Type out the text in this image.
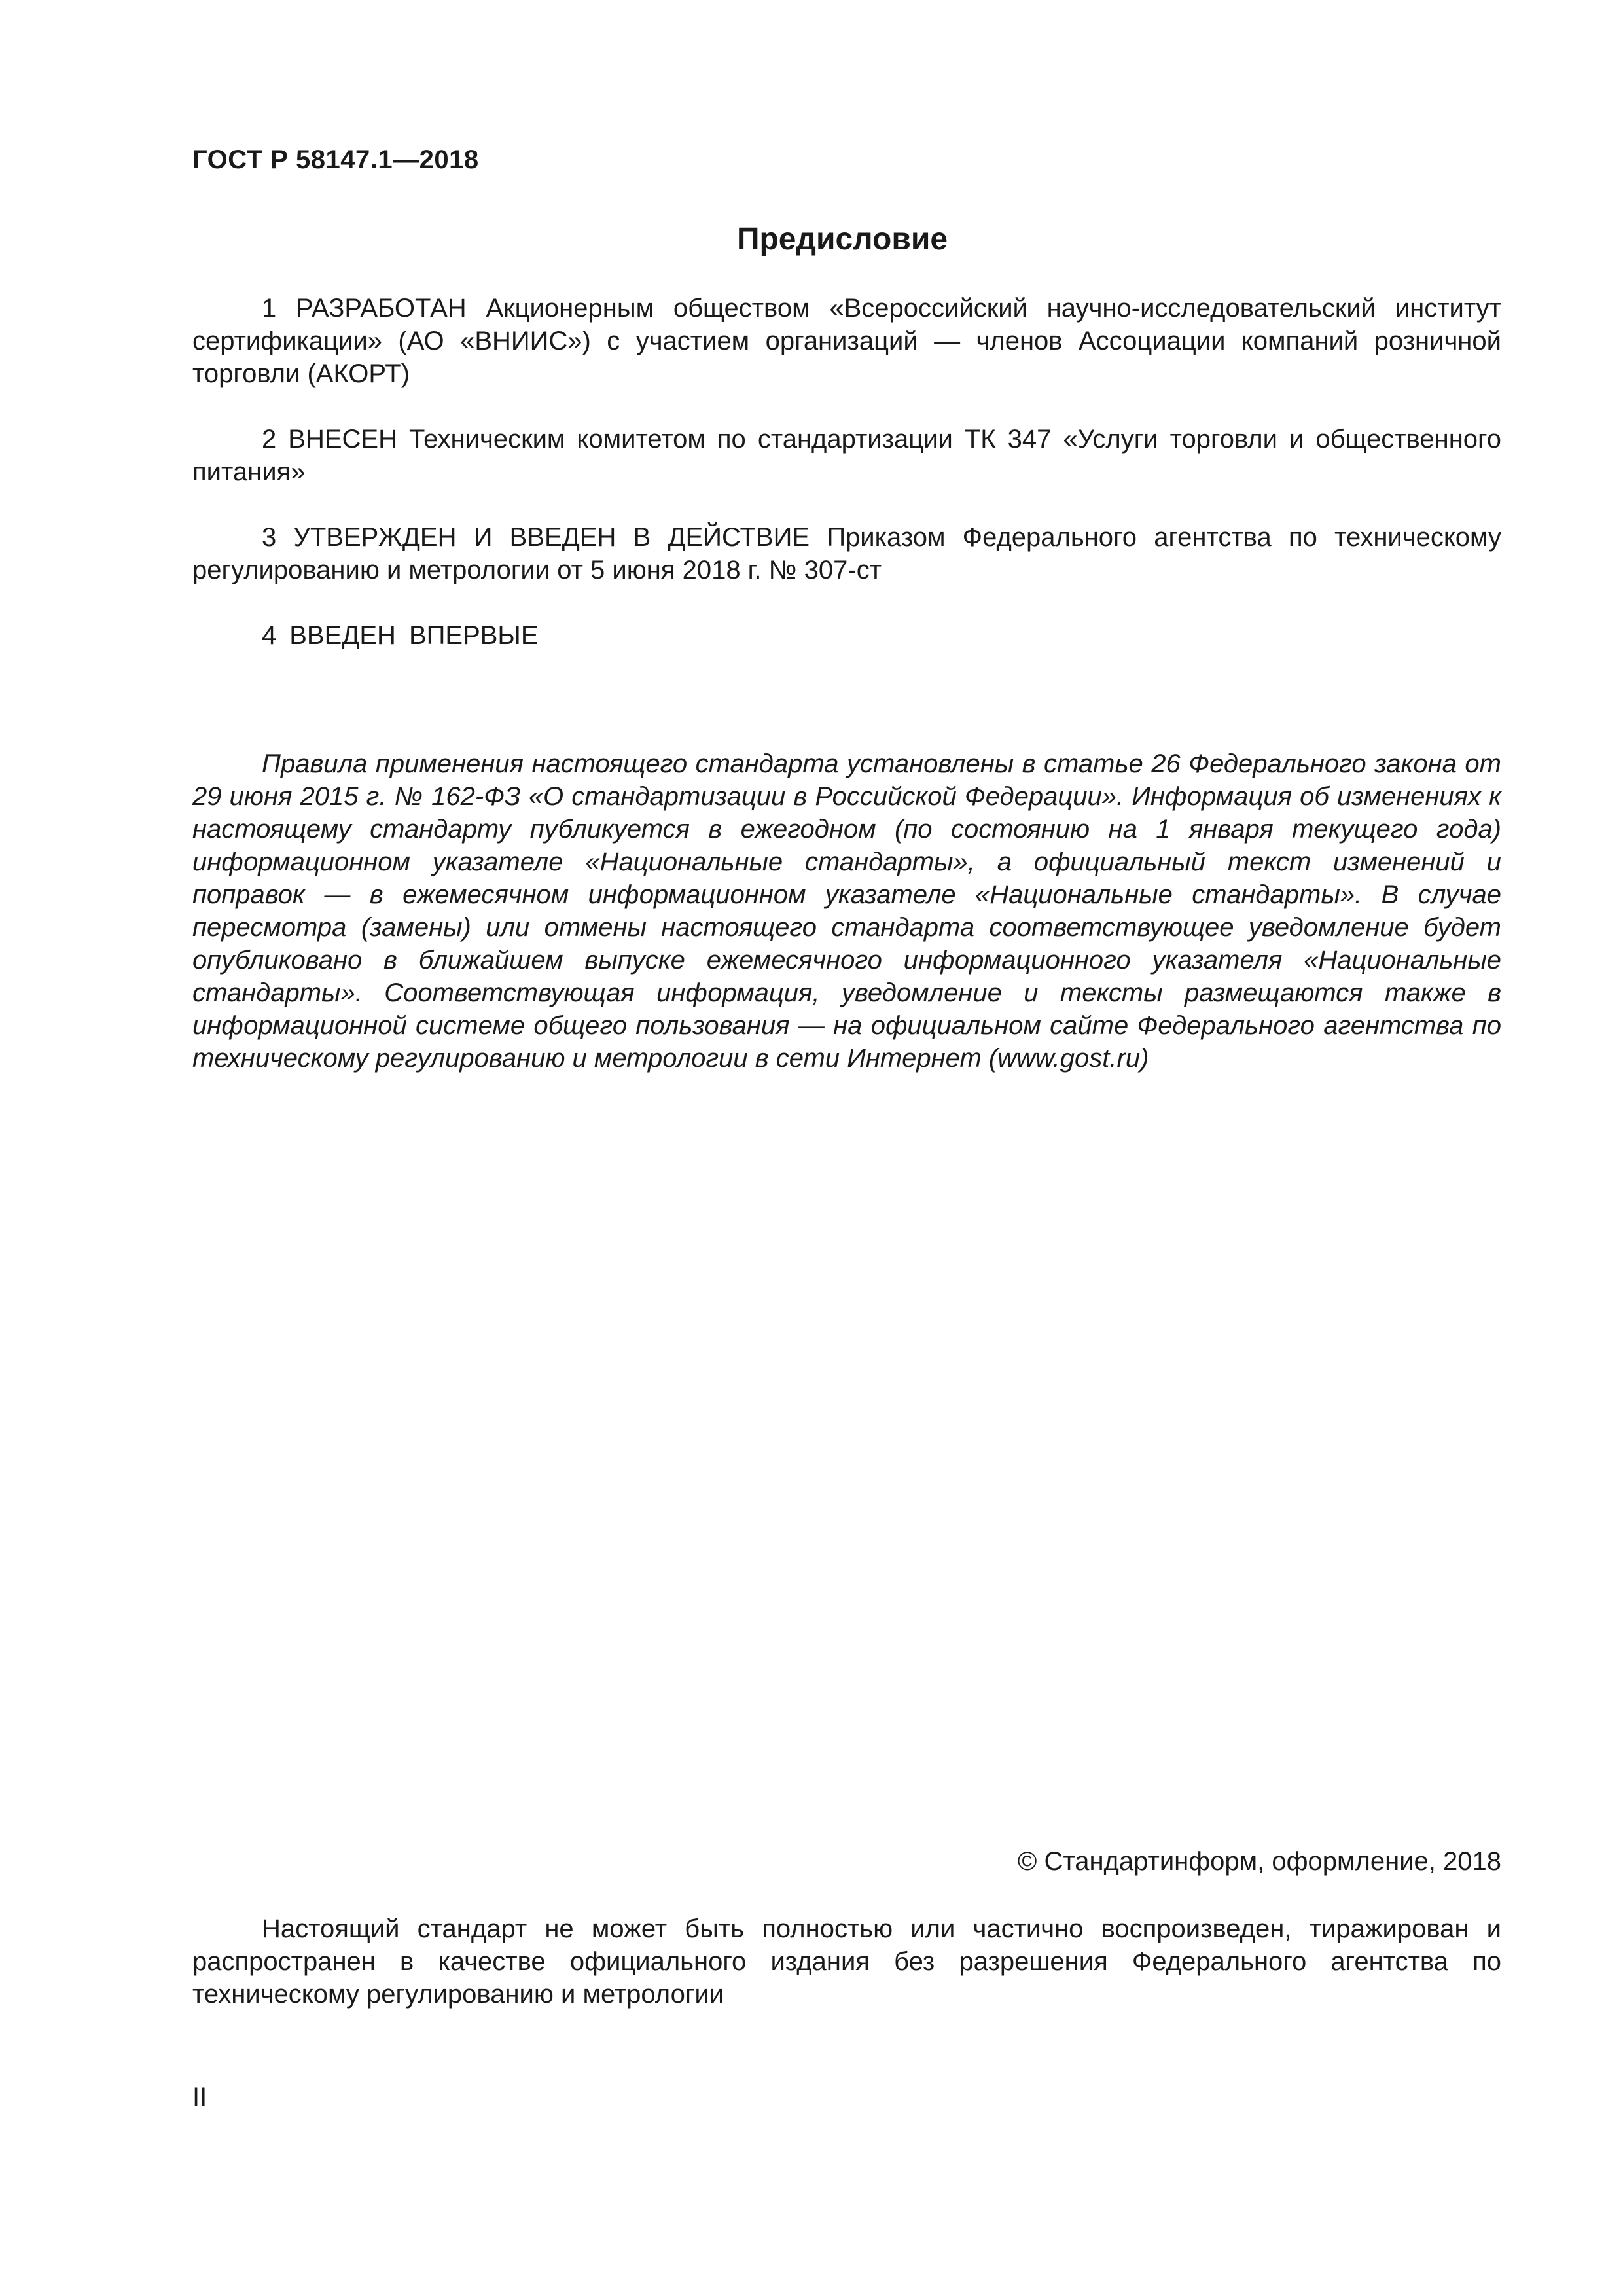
ГОСТ Р 58147.1—2018
Предисловие

1 РАЗРАБОТАН Акционерным обществом «Всероссийский научно-исследовательский институт сертификации» (АО «ВНИИС») с участием организаций — членов Ассоциации компаний розничной торговли (АКОРТ)

2 ВНЕСЕН Техническим комитетом по стандартизации ТК 347 «Услуги торговли и общественного питания»

3 УТВЕРЖДЕН И ВВЕДЕН В ДЕЙСТВИЕ Приказом Федерального агентства по техническому регулированию и метрологии от 5 июня 2018 г. № 307-ст

4 ВВЕДЕН ВПЕРВЫЕ

Правила применения настоящего стандарта установлены в статье 26 Федерального закона от 29 июня 2015 г. № 162-ФЗ «О стандартизации в Российской Федерации». Информация об изменениях к настоящему стандарту публикуется в ежегодном (по состоянию на 1 января текущего года) информационном указателе «Национальные стандарты», а официальный текст изменений и поправок — в ежемесячном информационном указателе «Национальные стандарты». В случае пересмотра (замены) или отмены настоящего стандарта соответствующее уведомление будет опубликовано в ближайшем выпуске ежемесячного информационного указателя «Национальные стандарты». Соответствующая информация, уведомление и тексты размещаются также в информационной системе общего пользования — на официальном сайте Федерального агентства по техническому регулированию и метрологии в сети Интернет (www.gost.ru)

© Стандартинформ, оформление, 2018

Настоящий стандарт не может быть полностью или частично воспроизведен, тиражирован и распространен в качестве официального издания без разрешения Федерального агентства по техническому регулированию и метрологии

II
